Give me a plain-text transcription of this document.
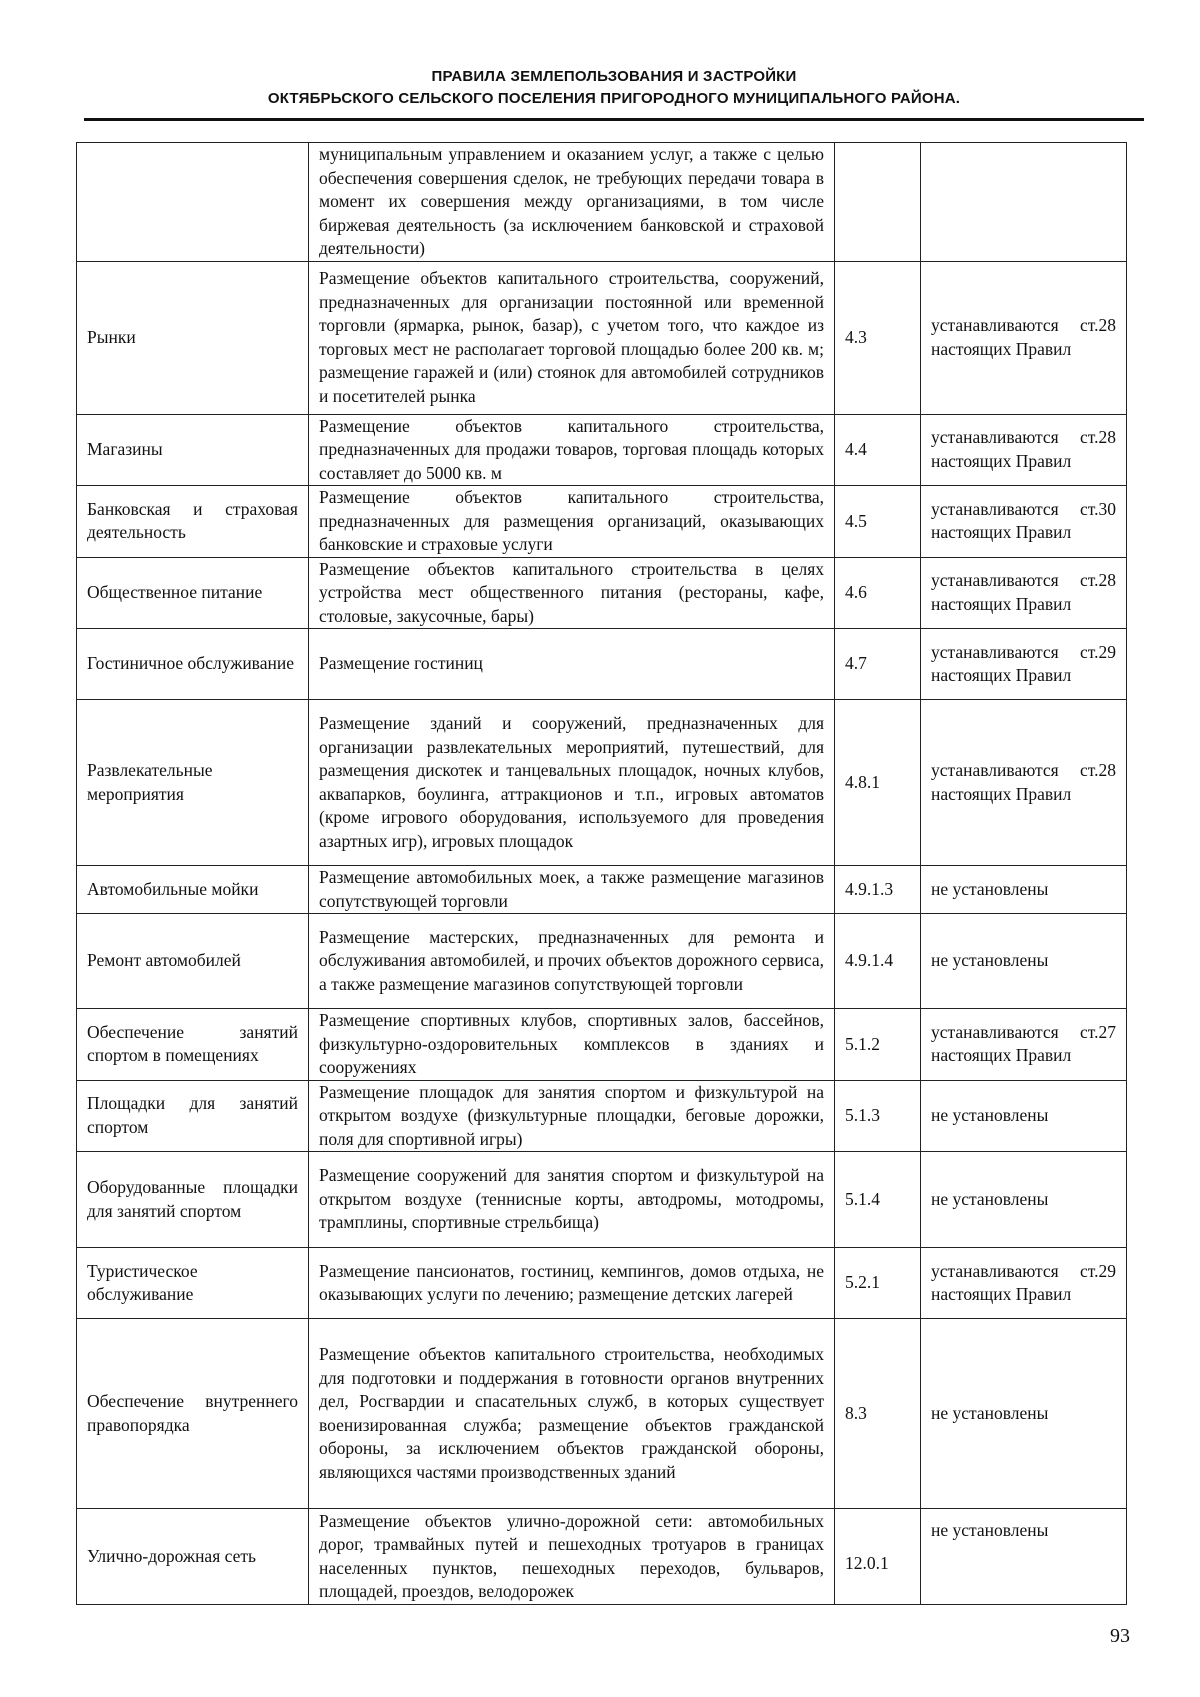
ПРАВИЛА ЗЕМЛЕПОЛЬЗОВАНИЯ И ЗАСТРОЙКИ
ОКТЯБРЬСКОГО СЕЛЬСКОГО ПОСЕЛЕНИЯ ПРИГОРОДНОГО МУНИЦИПАЛЬНОГО РАЙОНА.
	муниципальным управлением и оказанием услуг, а также с целью обеспечения совершения сделок, не требующих передачи товара в момент их совершения между организациями, в том числе биржевая деятельность (за исключением банковской и страховой деятельности)		
Рынки	Размещение объектов капитального строительства, сооружений, предназначенных для организации постоянной или временной торговли (ярмарка, рынок, базар), с учетом того, что каждое из торговых мест не располагает торговой площадью более 200 кв. м; размещение гаражей и (или) стоянок для автомобилей сотрудников и посетителей рынка	4.3	устанавливаются ст.28 настоящих Правил
Магазины	Размещение объектов капитального строительства, предназначенных для продажи товаров, торговая площадь которых составляет до 5000 кв. м	4.4	устанавливаются ст.28 настоящих Правил
Банковская и страховая деятельность	Размещение объектов капитального строительства, предназначенных для размещения организаций, оказывающих банковские и страховые услуги	4.5	устанавливаются ст.30 настоящих Правил
Общественное питание	Размещение объектов капитального строительства в целях устройства мест общественного питания (рестораны, кафе, столовые, закусочные, бары)	4.6	устанавливаются ст.28 настоящих Правил
Гостиничное обслуживание	Размещение гостиниц	4.7	устанавливаются ст.29 настоящих Правил
Развлекательные мероприятия	Размещение зданий и сооружений, предназначенных для организации развлекательных мероприятий, путешествий, для размещения дискотек и танцевальных площадок, ночных клубов, аквапарков, боулинга, аттракционов и т.п., игровых автоматов (кроме игрового оборудования, используемого для проведения азартных игр), игровых площадок	4.8.1	устанавливаются ст.28 настоящих Правил
Автомобильные мойки	Размещение автомобильных моек, а также размещение магазинов сопутствующей торговли	4.9.1.3	не установлены
Ремонт автомобилей	Размещение мастерских, предназначенных для ремонта и обслуживания автомобилей, и прочих объектов дорожного сервиса, а также размещение магазинов сопутствующей торговли	4.9.1.4	не установлены
Обеспечение занятий спортом в помещениях	Размещение спортивных клубов, спортивных залов, бассейнов, физкультурно-оздоровительных комплексов в зданиях и сооружениях	5.1.2	устанавливаются ст.27 настоящих Правил
Площадки для занятий спортом	Размещение площадок для занятия спортом и физкультурой на открытом воздухе (физкультурные площадки, беговые дорожки, поля для спортивной игры)	5.1.3	не установлены
Оборудованные площадки для занятий спортом	Размещение сооружений для занятия спортом и физкультурой на открытом воздухе (теннисные корты, автодромы, мотодромы, трамплины, спортивные стрельбища)	5.1.4	не установлены
Туристическое обслуживание	Размещение пансионатов, гостиниц, кемпингов, домов отдыха, не оказывающих услуги по лечению; размещение детских лагерей	5.2.1	устанавливаются ст.29 настоящих Правил
Обеспечение внутреннего правопорядка	Размещение объектов капитального строительства, необходимых для подготовки и поддержания в готовности органов внутренних дел, Росгвардии и спасательных служб, в которых существует военизированная служба; размещение объектов гражданской обороны, за исключением объектов гражданской обороны, являющихся частями производственных зданий	8.3	не установлены
Улично-дорожная сеть	Размещение объектов улично-дорожной сети: автомобильных дорог, трамвайных путей и пешеходных тротуаров в границах населенных пунктов, пешеходных переходов, бульваров, площадей, проездов, велодорожек	12.0.1	не установлены
93
